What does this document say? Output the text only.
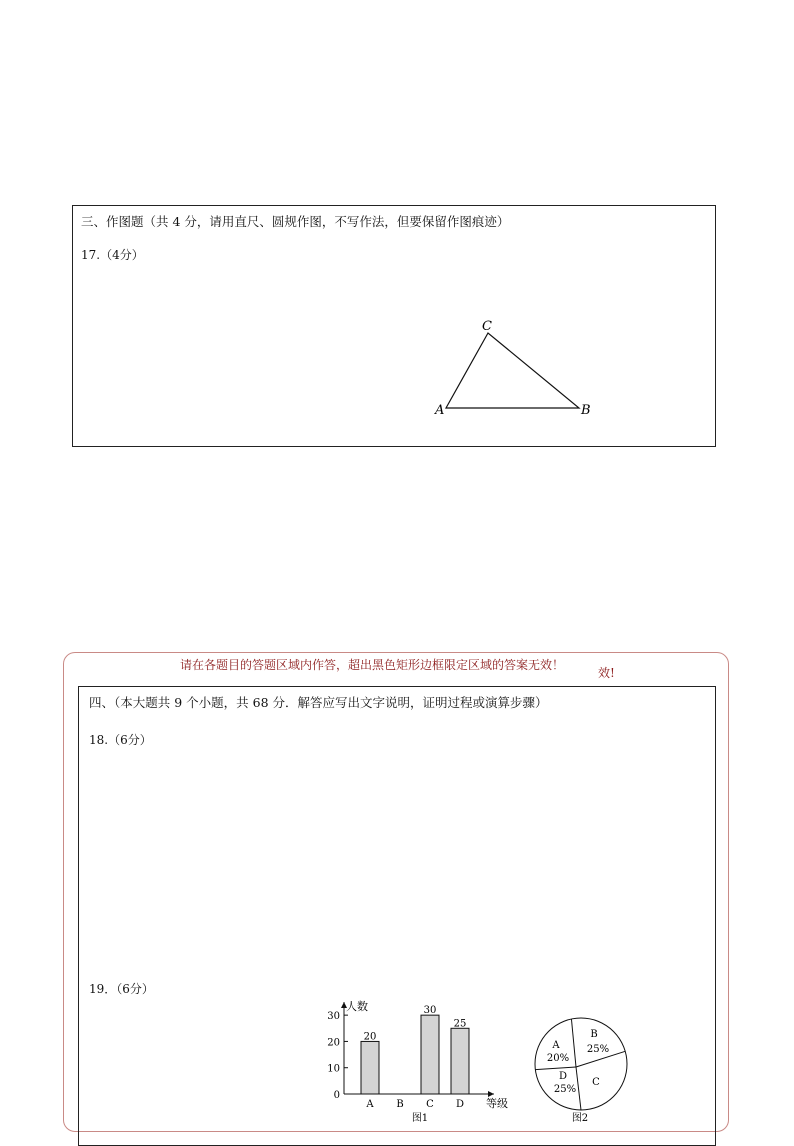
三、作图题（共 4 分，请用直尺、圆规作图，不写作法，但要保留作图痕迹）
17.（4分）
A	B
C
请在各题目的答题区域内作答，超出黑色矩形边框限定区域的答案无效！
效!
四、（本大题共 9 个小题，共 68 分．解答应写出文字说明，证明过程或演算步骤）
18.（6分）
19．（6分）
人数
等级
0
10
20
30
20
A B
30
C
25
D
图1
A
20%
B
25%
C
D
25%
图2
